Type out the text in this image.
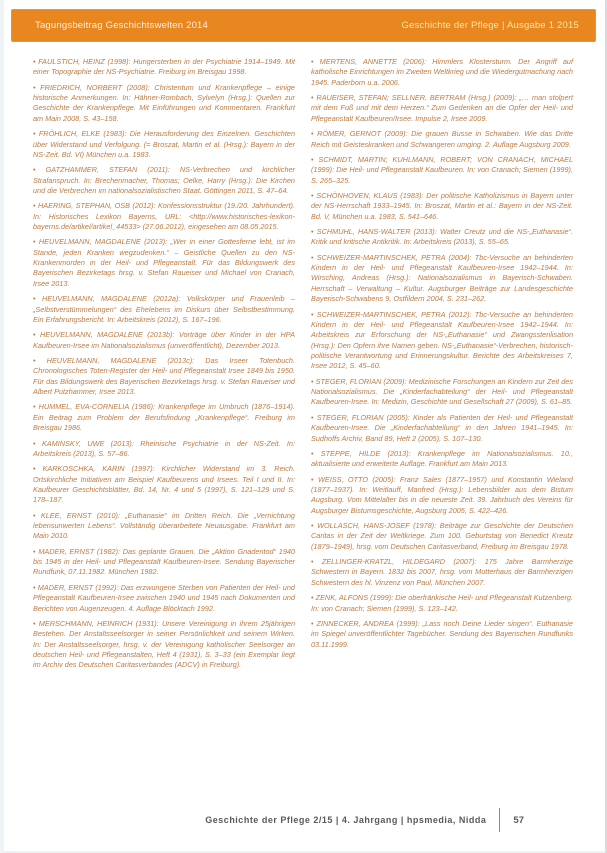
Tagungsbeitrag Geschichtswelten 2014	Geschichte der Pflege | Ausgabe 1 2015

• FAULSTICH, HEINZ (1998): Hungersterben in der Psychiatrie 1914–1949. Mit einer Topographie der NS-Psychiatrie. Freiburg im Breisgau 1998.

• FRIEDRICH, NORBERT (2008): Christentum und Krankenpflege – einige historische Anmerkungen. In: Hähner-Rombach, Sylvelyn (Hrsg.): Quellen zur Geschichte der Krankenpflege. Mit Einführungen und Kommentaren. Frankfurt am Main 2008, S. 43–158.

• FRÖHLICH, ELKE (1983): Die Herausforderung des Einzelnen. Geschichten über Widerstand und Verfolgung. (= Broszat, Martin et al. (Hrsg.): Bayern in der NS-Zeit. Bd. VI) München u.a. 1983.

• GATZHAMMER, STEFAN (2011): NS-Verbrechen und kirchlicher Strafanspruch. In: Brechenmacher, Thomas; Oelke, Harry (Hrsg.): Die Kirchen und die Verbrechen im nationalsozialistischen Staat. Göttingen 2011, S. 47–64.

• HAERING, STEPHAN, OSB (2012): Konfessionsstruktur (19./20. Jahrhundert). In: Historisches Lexikon Bayerns, URL: <http://www.historisches-lexikon-bayerns.de/artikel/artikel_44533> (27.06.2012), eingesehen am 08.05.2015.

• HEUVELMANN, MAGDALENE (2013): „Wer in einer Gottesferne lebt, ist im Stande, jeden Kranken wegzudenken.“ – Geistliche Quellen zu den NS-Krankenmorden in der Heil- und Pflegeanstalt. Für das Bildungswerk des Bayerischen Bezirketags hrsg. v. Stefan Raueiser und Michael von Cranach, Irsee 2013.

• HEUVELMANN, MAGDALENE (2012a): Volkskörper und Frauenleib – „Selbstverstümmelungen“ des Ehelebens im Diskurs über Selbstbestimmung. Ein Erfahrungsbericht. In: Arbeitskreis (2012), S. 167–196.

• HEUVELMANN, MAGDALENE (2013b): Vorträge über Kinder in der HPA Kaufbeuren-Irsee im Nationalsozialismus (unveröffentlicht), Dezember 2013.

• HEUVELMANN, MAGDALENE (2013c): Das Irseer Totenbuch. Chronologisches Toten-Register der Heil- und Pflegeanstalt Irsee 1849 bis 1950. Für das Bildungswerk des Bayerischen Bezirketags hrsg. v. Stefan Raueiser und Albert Putzhammer, Irsee 2013.

• HUMMEL, EVA-CORNELIA (1986): Krankenpflege im Umbruch (1876–1914). Ein Beitrag zum Problem der Berufsfindung „Krankenpflege“. Freiburg im Breisgau 1986.

• KAMINSKY, UWE (2013): Rheinische Psychiatrie in der NS-Zeit. In: Arbeitskreis (2013), S. 57–86.

• KARKOSCHKA, KARIN (1997): Kirchlicher Widerstand im 3. Reich. Ortskirchliche Initiativen am Beispiel Kaufbeurens und Irsees. Teil I und II. In: Kaufbeurer Geschichtsblätter, Bd. 14, Nr. 4 und 5 (1997), S. 121–129 und S. 178–187.

• KLEE, ERNST (2010): „Euthanasie“ im Dritten Reich. Die „Vernichtung lebensunwerten Lebens“. Vollständig überarbeitete Neuausgabe. Frankfurt am Main 2010.

• MADER, ERNST (1982): Das geplante Grauen. Die „Aktion Gnadentod“ 1940 bis 1945 in der Heil- und Pflegeanstalt Kaufbeuren-Irsee. Sendung Bayerischer Rundfunk, 07.11.1982. München 1982.

• MADER, ERNST (1992): Das erzwungene Sterben von Patienten der Heil- und Pflegeanstalt Kaufbeuren-Irsee zwischen 1940 und 1945 nach Dokumenten und Berichten von Augenzeugen. 4. Auflage Blöcktach 1992.

• MERSCHMANN, HEINRICH (1931): Unsere Vereinigung in ihrem 25jährigen Bestehen. Der Anstaltsseelsorger in seiner Persönlichkeit und seinem Wirken. In: Der Anstaltsseelsorger, hrsg. v. der Vereinigung katholischer Seelsorger an deutschen Heil- und Pflegeanstalten, Heft 4 (1931), S. 3–33 (ein Exemplar liegt im Archiv des Deutschen Caritasverbandes (ADCV) in Freiburg).

• MERTENS, ANNETTE (2006): Himmlers Klostersturm. Der Angriff auf katholische Einrichtungen im Zweiten Weltkrieg und die Wiedergutmachung nach 1945. Paderborn u.a. 2006.

• RAUEISER, STEFAN; SELLNER, BERTRAM (Hrsg.) (2009): „… man stolpert mit dem Fuß und mit dem Herzen.“ Zum Gedenken an die Opfer der Heil- und Pflegeanstalt Kaufbeuren/Irsee. Impulse 2, Irsee 2009.

• RÖMER, GERNOT (2009): Die grauen Busse in Schwaben. Wie das Dritte Reich mit Geisteskranken und Schwangeren umging. 2. Auflage Augsburg 2009.

• SCHMIDT, MARTIN; KUHLMANN, ROBERT; VON CRANACH, MICHAEL (1999): Die Heil- und Pflegeanstalt Kaufbeuren. In: von Cranach; Siemen (1999), S. 265–325.

• SCHÖNHOVEN, KLAUS (1983): Der politische Katholizismus in Bayern unter der NS-Herrschaft 1933–1945. In: Broszat, Martin et al.: Bayern in der NS-Zeit. Bd. V, München u.a. 1983, S. 541–646.

• SCHMUHL, HANS-WALTER (2013): Walter Creutz und die NS-„Euthanasie“. Kritik und kritische Antikritik. In: Arbeitskreis (2013), S. 55–65.

• SCHWEIZER-MARTINSCHEK, PETRA (2004): Tbc-Versuche an behinderten Kindern in der Heil- und Pflegeanstalt Kaufbeuren-Irsee 1942–1944. In: Wirsching, Andreas (Hrsg.): Nationalsozialismus in Bayerisch-Schwaben. Herrschaft – Verwaltung – Kultur. Augsburger Beiträge zur Landesgeschichte Bayerisch-Schwabens 9, Ostfildern 2004, S. 231–262.

• SCHWEIZER-MARTINSCHEK, PETRA (2012): Tbc-Versuche an behinderten Kindern in der Heil- und Pflegeanstalt Kaufbeuren-Irsee 1942–1944. In: Arbeitskreis zur Erforschung der NS-„Euthanasie“ und Zwangssterilisation (Hrsg.): Den Opfern ihre Namen geben. NS-„Euthanasie“-Verbrechen, historisch-politische Verantwortung und Erinnerungskultur. Berichte des Arbeitskreises 7, Irsee 2012, S. 45–60.

• STEGER, FLORIAN (2009): Medizinische Forschungen an Kindern zur Zeit des Nationalsozialismus. Die „Kinderfachabteilung“ der Heil- und Pflegeanstalt Kaufbeuren-Irsee. In: Medizin, Geschichte und Gesellschaft 27 (2009), S. 61–85.

• STEGER, FLORIAN (2005): Kinder als Patienten der Heil- und Pflegeanstalt Kaufbeuren-Irsee. Die „Kinderfachabteilung“ in den Jahren 1941–1945. In: Sudhoffs Archiv, Band 89, Heft 2 (2005), S. 107–130.

• STEPPE, HILDE (2013): Krankenpflege im Nationalsozialismus. 10., aktualisierte und erweiterte Auflage. Frankfurt am Main 2013.

• WEISS, OTTO (2005): Franz Sales (1877–1957) und Konstantin Wieland (1877–1937). In: Weitlauff, Manfred (Hrsg.): Lebensbilder aus dem Bistum Augsburg. Vom Mittelalter bis in die neueste Zeit. 39. Jahrbuch des Vereins für Augsburger Bistumsgeschichte, Augsburg 2005, S. 422–426.

• WOLLASCH, HANS-JOSEF (1978): Beiträge zur Geschichte der Deutschen Caritas in der Zeit der Weltkriege. Zum 100. Geburtstag von Benedict Kreutz (1879–1949), hrsg. vom Deutschen Caritasverband, Freiburg im Breisgau 1978.

• ZELLINGER-KRATZL, HILDEGARD (2007): 175 Jahre Barmherzige Schwestern in Bayern. 1832 bis 2007, hrsg. vom Mutterhaus der Barmherzigen Schwestern des hl. Vinzenz von Paul, München 2007.

• ZENK, ALFONS (1999): Die oberfränkische Heil- und Pflegeanstalt Kutzenberg. In: von Cranach; Siemen (1999), S. 123–142.

• ZINNECKER, ANDREA (1999): „Lass noch Deine Lieder singen“. Euthanasie im Spiegel unveröffentlichter Tagebücher. Sendung des Bayerischen Rundfunks 03.11.1999.

Geschichte der Pflege 2/15 | 4. Jahrgang | hpsmedia, Nidda	57
